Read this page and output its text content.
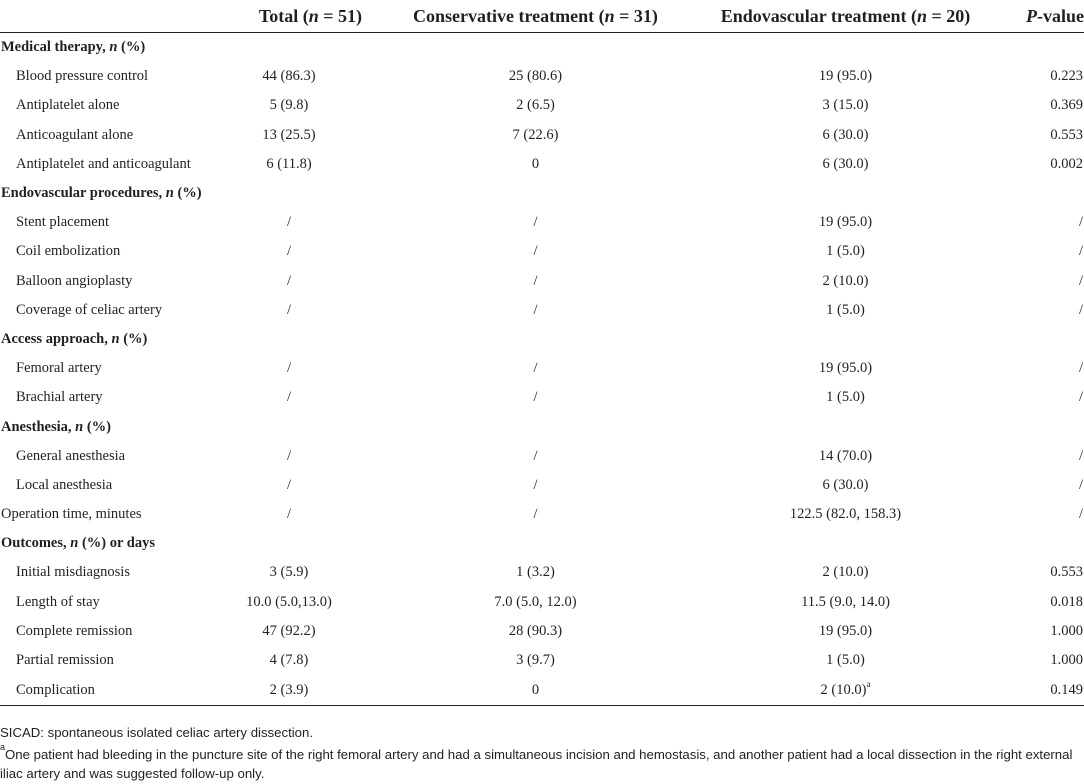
	Total (n = 51)	Conservative treatment (n = 31)	Endovascular treatment (n = 20)	P-value
Medical therapy, n (%)				
Blood pressure control	44 (86.3)	25 (80.6)	19 (95.0)	0.223
Antiplatelet alone	5 (9.8)	2 (6.5)	3 (15.0)	0.369
Anticoagulant alone	13 (25.5)	7 (22.6)	6 (30.0)	0.553
Antiplatelet and anticoagulant	6 (11.8)	0	6 (30.0)	0.002
Endovascular procedures, n (%)				
Stent placement	/	/	19 (95.0)	/
Coil embolization	/	/	1 (5.0)	/
Balloon angioplasty	/	/	2 (10.0)	/
Coverage of celiac artery	/	/	1 (5.0)	/
Access approach, n (%)				
Femoral artery	/	/	19 (95.0)	/
Brachial artery	/	/	1 (5.0)	/
Anesthesia, n (%)				
General anesthesia	/	/	14 (70.0)	/
Local anesthesia	/	/	6 (30.0)	/
Operation time, minutes	/	/	122.5 (82.0, 158.3)	/
Outcomes, n (%) or days				
Initial misdiagnosis	3 (5.9)	1 (3.2)	2 (10.0)	0.553
Length of stay	10.0 (5.0,13.0)	7.0 (5.0, 12.0)	11.5 (9.0, 14.0)	0.018
Complete remission	47 (92.2)	28 (90.3)	19 (95.0)	1.000
Partial remission	4 (7.8)	3 (9.7)	1 (5.0)	1.000
Complication	2 (3.9)	0	2 $(10.0)^a$	0.149

SICAD: spontaneous isolated celiac artery dissection.

$^a$One patient had bleeding in the puncture site of the right femoral artery and had a simultaneous incision and hemostasis, and another patient had a local dissection in the right external iliac artery and was suggested follow-up only.
